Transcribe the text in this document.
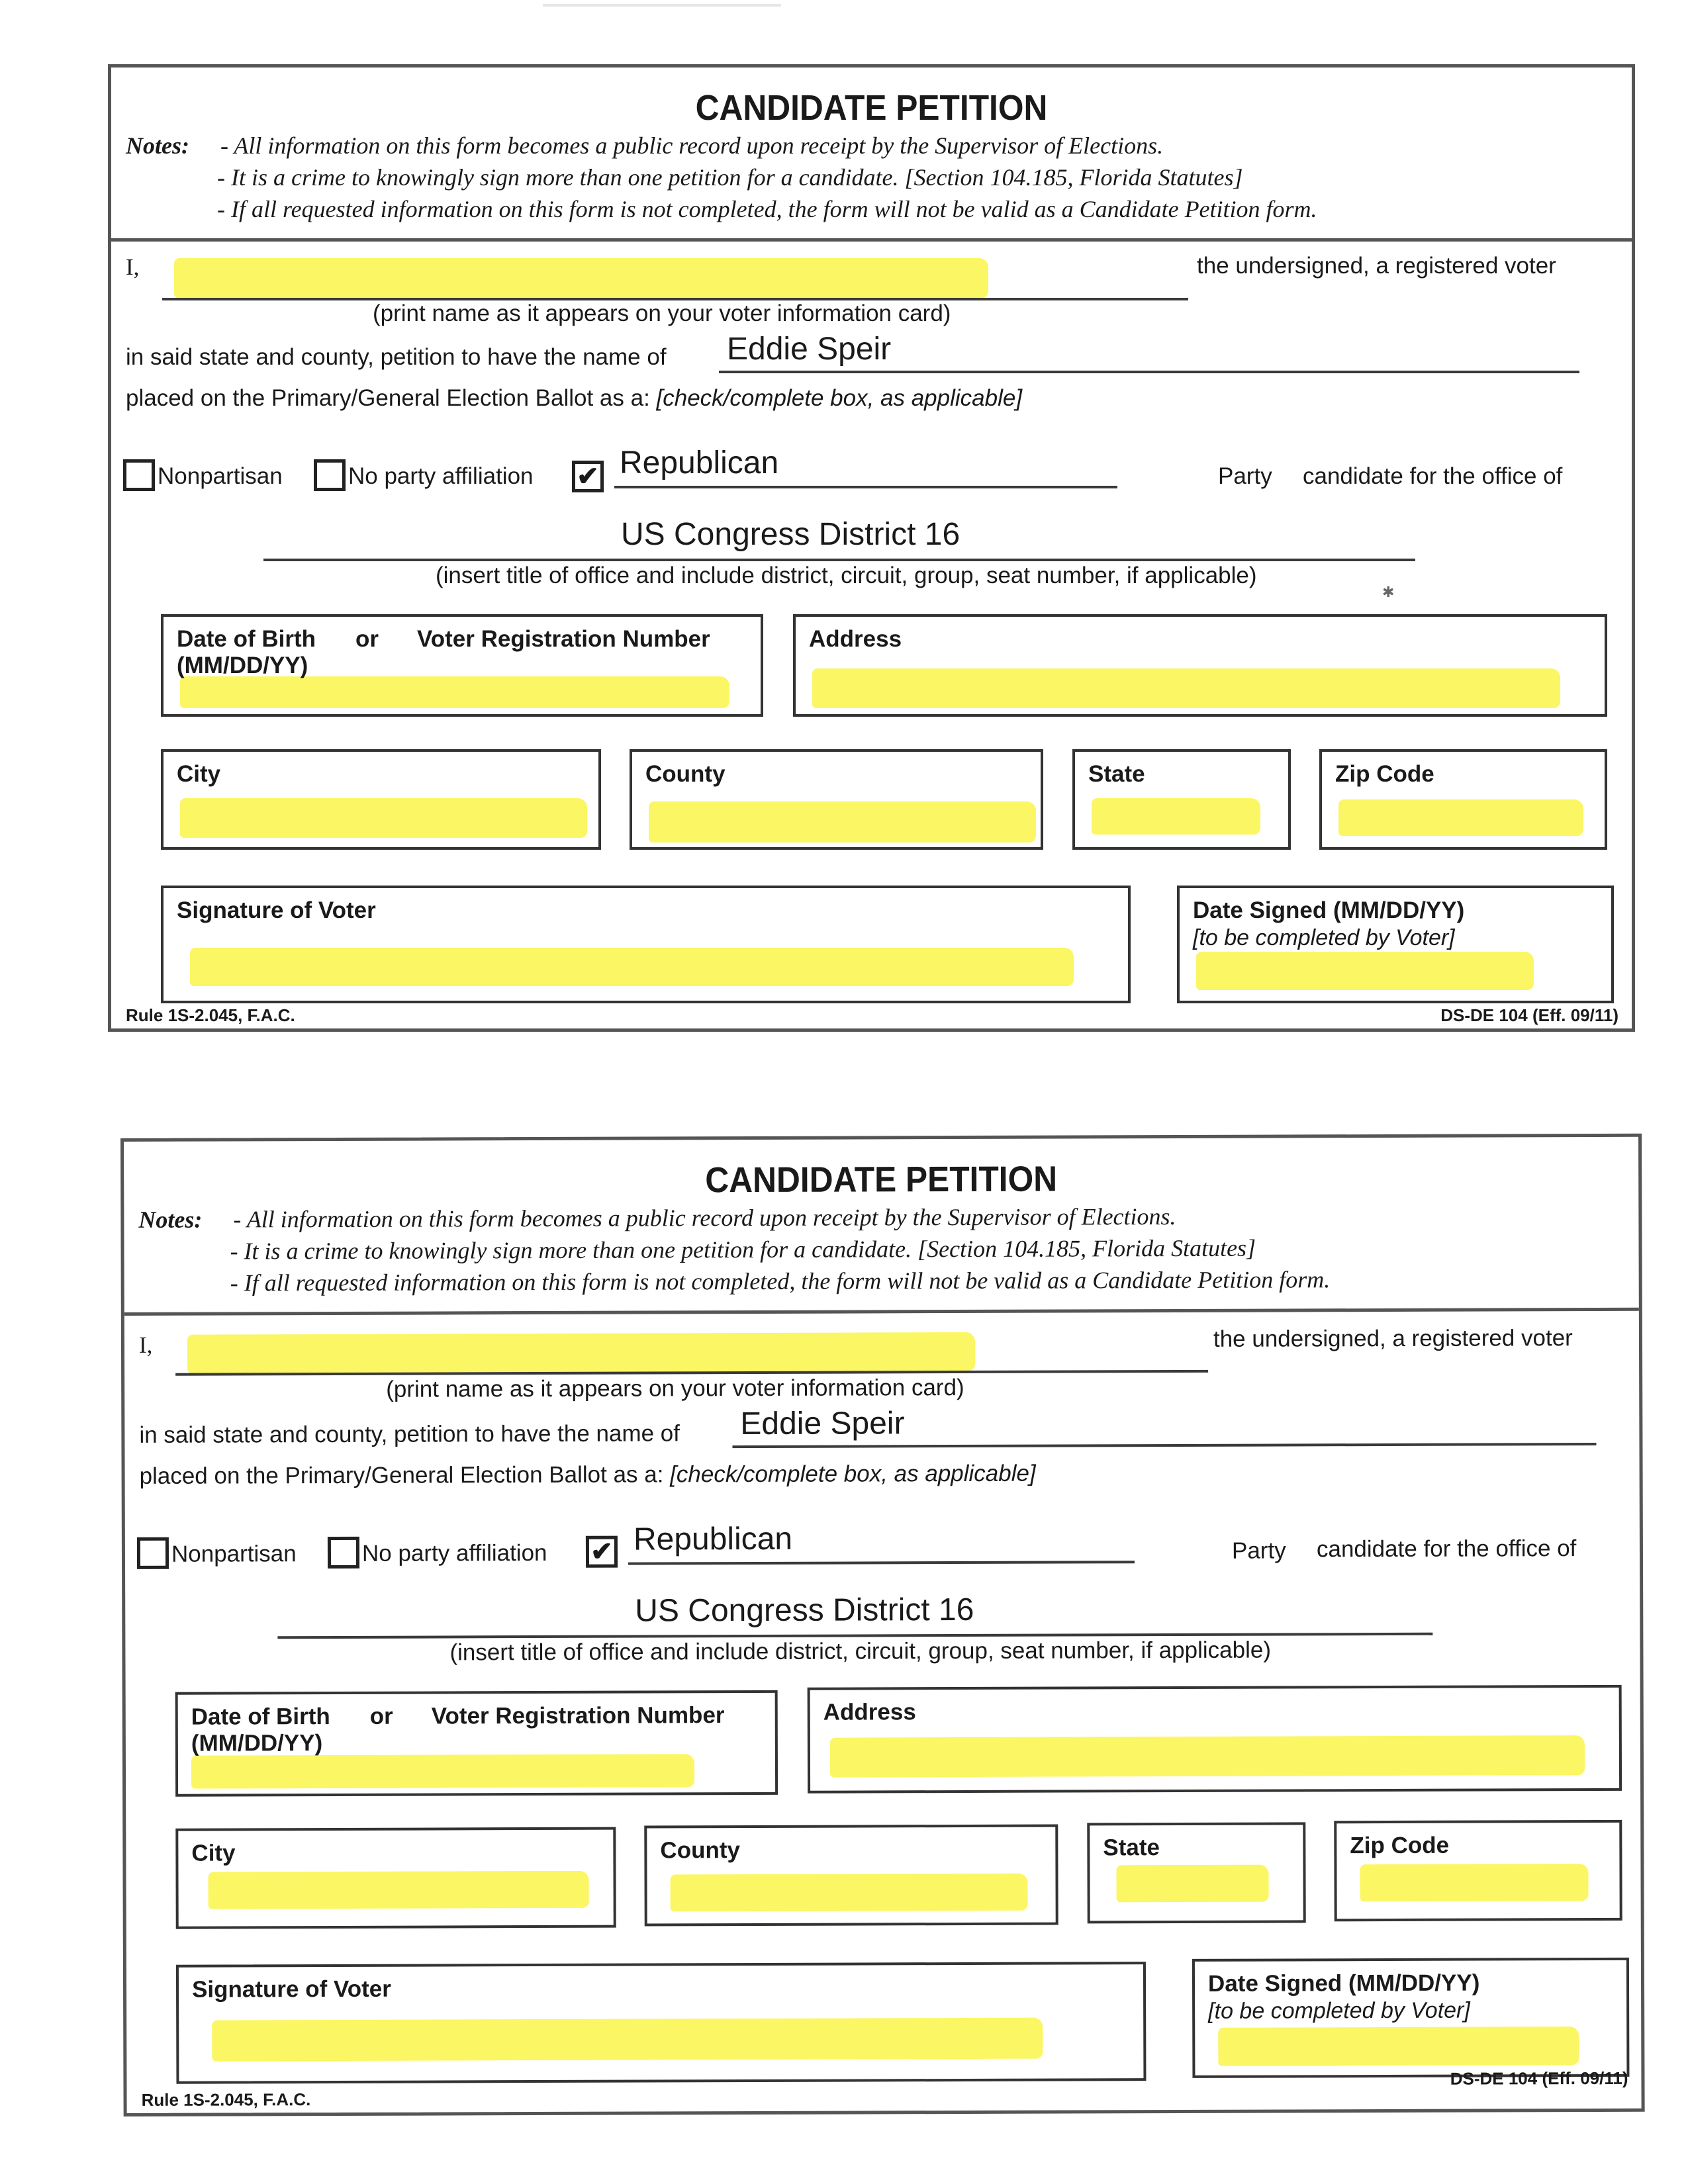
CANDIDATE PETITION
Notes: - All information on this form becomes a public record upon receipt by the Supervisor of Elections.
- It is a crime to knowingly sign more than one petition for a candidate. [Section 104.185, Florida Statutes]
- If all requested information on this form is not completed, the form will not be valid as a Candidate Petition form.
I,	the undersigned, a registered voter
(print name as it appears on your voter information card)
in said state and county, petition to have the name of Eddie Speir
placed on the Primary/General Election Ballot as a: [check/complete box, as applicable]
Nonpartisan	No party affiliation ✔ Republican	Party candidate for the office of
US Congress District 16
(insert title of office and include district, circuit, group, seat number, if applicable)
✱
Date of Birth or Voter Registration Number
(MM/DD/YY)
Address
City	County	State	Zip Code
Signature of Voter	Date Signed (MM/DD/YY)
[to be completed by Voter]
Rule 1S-2.045, F.A.C.	DS-DE 104 (Eff. 09/11)
CANDIDATE PETITION
Notes: - All information on this form becomes a public record upon receipt by the Supervisor of Elections.
- It is a crime to knowingly sign more than one petition for a candidate. [Section 104.185, Florida Statutes]
- If all requested information on this form is not completed, the form will not be valid as a Candidate Petition form.
I,	the undersigned, a registered voter
(print name as it appears on your voter information card)
in said state and county, petition to have the name of Eddie Speir
placed on the Primary/General Election Ballot as a: [check/complete box, as applicable]
Nonpartisan	No party affiliation ✔ Republican	Party candidate for the office of
US Congress District 16
(insert title of office and include district, circuit, group, seat number, if applicable)
Date of Birth or Voter Registration Number
(MM/DD/YY)
Address
City	County	State	Zip Code
Signature of Voter	Date Signed (MM/DD/YY)
[to be completed by Voter]
Rule 1S-2.045, F.A.C.
DS-DE 104 (Eff. 09/11)
